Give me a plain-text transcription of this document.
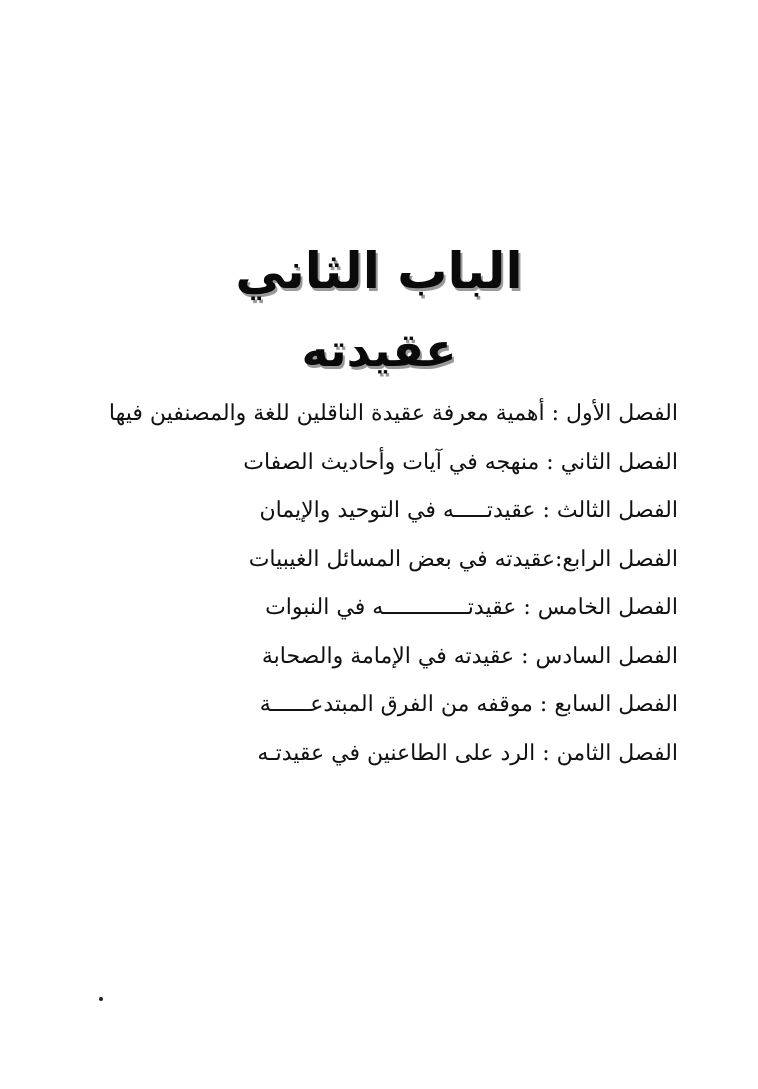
الباب الثاني
عقيدته
الفصل الأول : أهمية معرفة عقيدة الناقلين للغة والمصنفين فيها
الفصل الثاني : منهجه في آيات وأحاديث الصفات
الفصل الثالث : عقيدتـــــه في التوحيد والإيمان
الفصل الرابع:عقيدته في بعض المسائل الغيبيات
الفصل الخامس : عقيدتـــــــــــــه في النبوات
الفصل السادس : عقيدته في الإمامة والصحابة
الفصل السابع : موقفه من الفرق المبتدعــــــة
الفصل الثامن : الرد على الطاعنين في عقيدتـه
